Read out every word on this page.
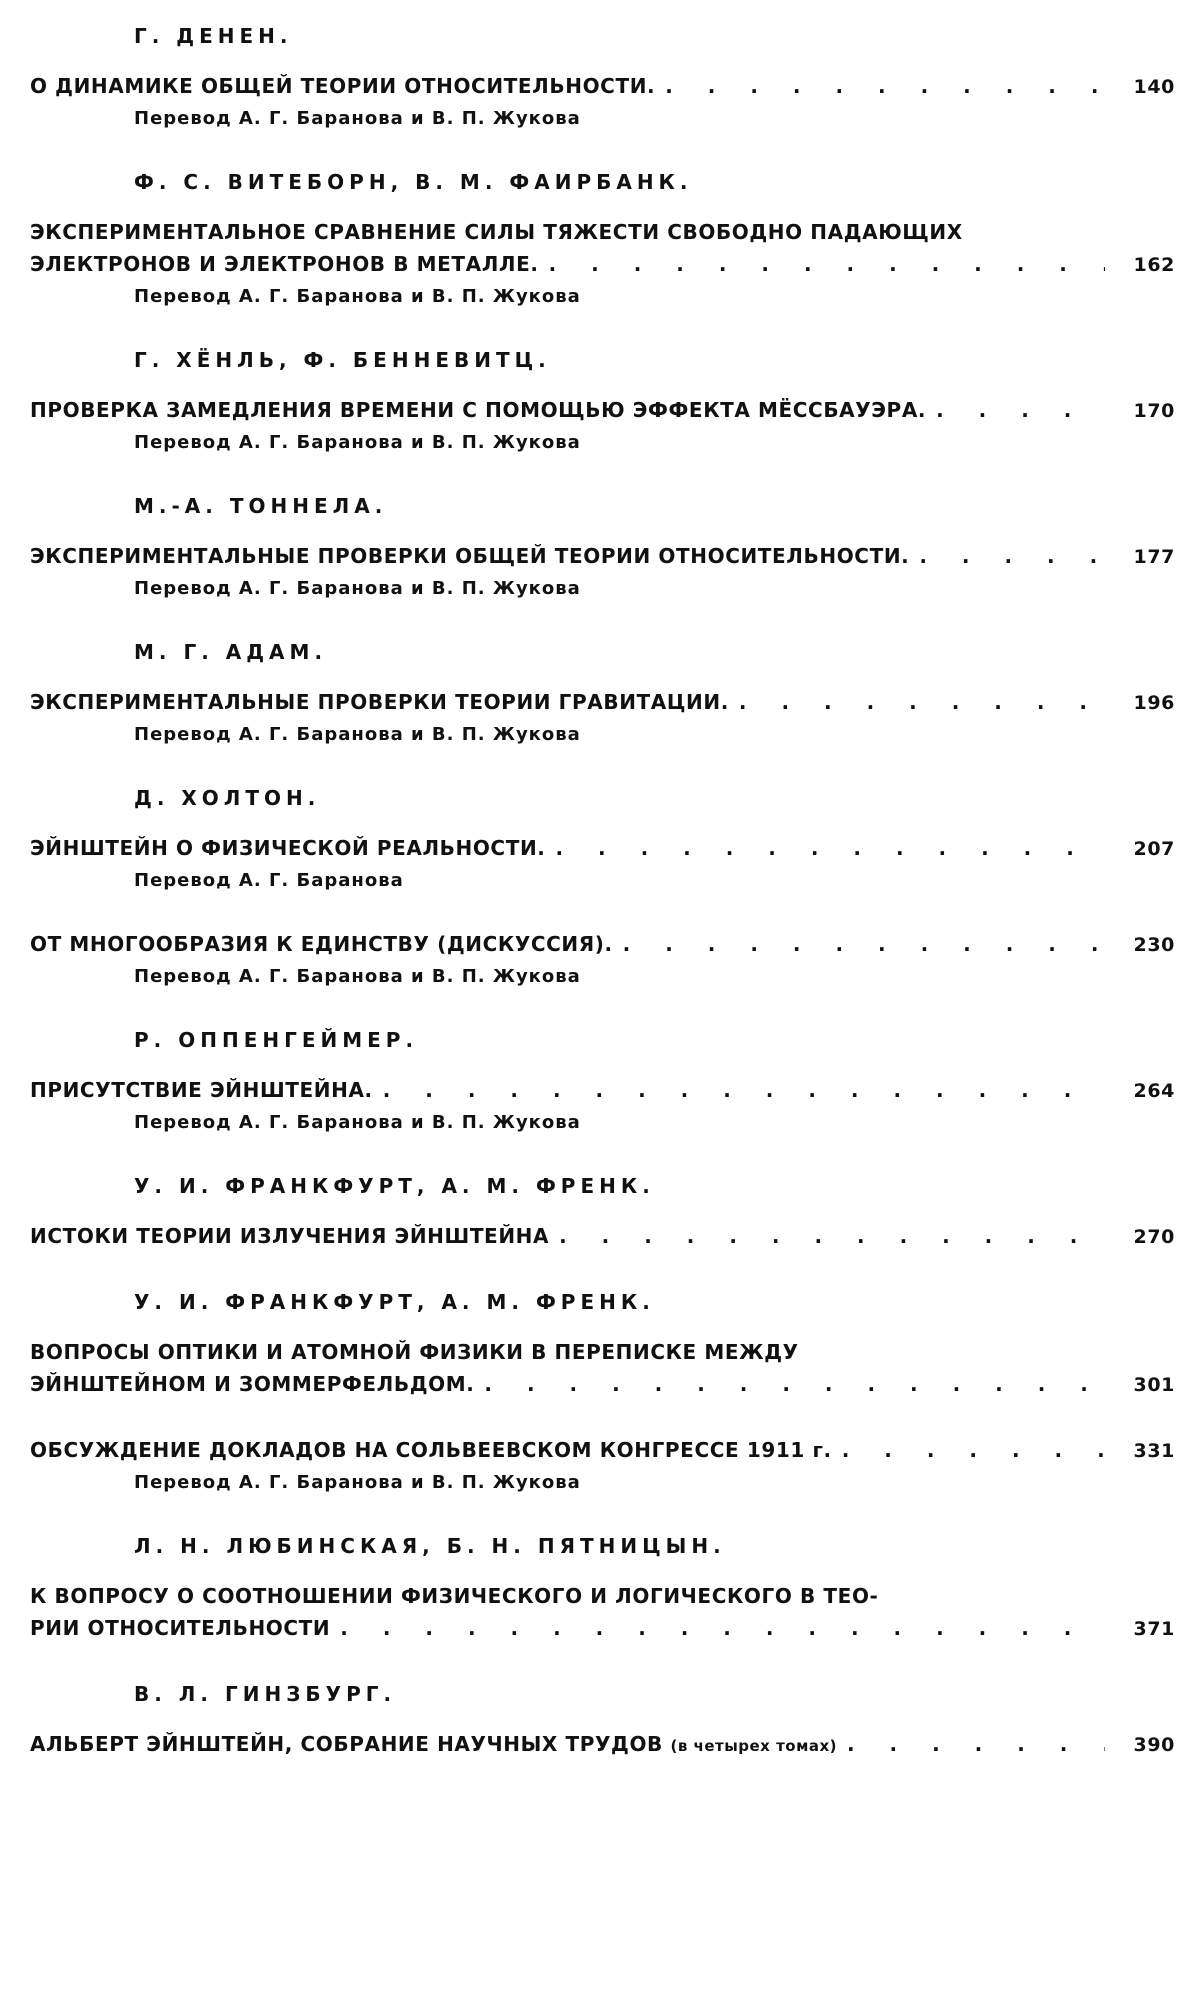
Г. ДЕНЕН.
О ДИНАМИКЕ ОБЩЕЙ ТЕОРИИ ОТНОСИТЕЛЬНОСТИ. . . .	140
Перевод А. Г. Баранова и В. П. Жукова
Ф. С. ВИТЕБОРН, В. М. ФАИРБАНК.
ЭКСПЕРИМЕНТАЛЬНОЕ СРАВНЕНИЕ СИЛЫ ТЯЖЕСТИ СВОБОДНО ПАДАЮЩИХ
ЭЛЕКТРОНОВ И ЭЛЕКТРОНОВ В МЕТАЛЛЕ. . . .	162
Перевод А. Г. Баранова и В. П. Жукова
Г. ХЁНЛЬ, Ф. БЕННЕВИТЦ.
ПРОВЕРКА ЗАМЕДЛЕНИЯ ВРЕМЕНИ С ПОМОЩЬЮ ЭФФЕКТА МЁССБАУЭРА. . . .	170
Перевод А. Г. Баранова и В. П. Жукова
М.-А. ТОННЕЛА.
ЭКСПЕРИМЕНТАЛЬНЫЕ ПРОВЕРКИ ОБЩЕЙ ТЕОРИИ ОТНОСИТЕЛЬНОСТИ. . . .	177
Перевод А. Г. Баранова и В. П. Жукова
М. Г. АДАМ.
ЭКСПЕРИМЕНТАЛЬНЫЕ ПРОВЕРКИ ТЕОРИИ ГРАВИТАЦИИ. . . .	196
Перевод А. Г. Баранова и В. П. Жукова
Д. ХОЛТОН.
ЭЙНШТЕЙН О ФИЗИЧЕСКОЙ РЕАЛЬНОСТИ. . . .	207
Перевод А. Г. Баранова
ОТ МНОГООБРАЗИЯ К ЕДИНСТВУ (ДИСКУССИЯ). . . .	230
Перевод А. Г. Баранова и В. П. Жукова
Р. ОППЕНГЕЙМЕР.
ПРИСУТСТВИЕ ЭЙНШТЕЙНА. . . .	264
Перевод А. Г. Баранова и В. П. Жукова
У. И. ФРАНКФУРТ, А. М. ФРЕНК.
ИСТОКИ ТЕОРИИ ИЗЛУЧЕНИЯ ЭЙНШТЕЙНА . . .	270
У. И. ФРАНКФУРТ, А. М. ФРЕНК.
ВОПРОСЫ ОПТИКИ И АТОМНОЙ ФИЗИКИ В ПЕРЕПИСКЕ МЕЖДУ
ЭЙНШТЕЙНОМ И ЗОММЕРФЕЛЬДОМ. . . .	301
ОБСУЖДЕНИЕ ДОКЛАДОВ НА СОЛЬВЕЕВСКОМ КОНГРЕССЕ 1911 г. . . .	331
Перевод А. Г. Баранова и В. П. Жукова
Л. Н. ЛЮБИНСКАЯ, Б. Н. ПЯТНИЦЫН.
К ВОПРОСУ О СООТНОШЕНИИ ФИЗИЧЕСКОГО И ЛОГИЧЕСКОГО В ТЕО-
РИИ ОТНОСИТЕЛЬНОСТИ . . .	371
В. Л. ГИНЗБУРГ.
АЛЬБЕРТ ЭЙНШТЕЙН, СОБРАНИЕ НАУЧНЫХ ТРУДОВ (в четырех томах) . . .	390
